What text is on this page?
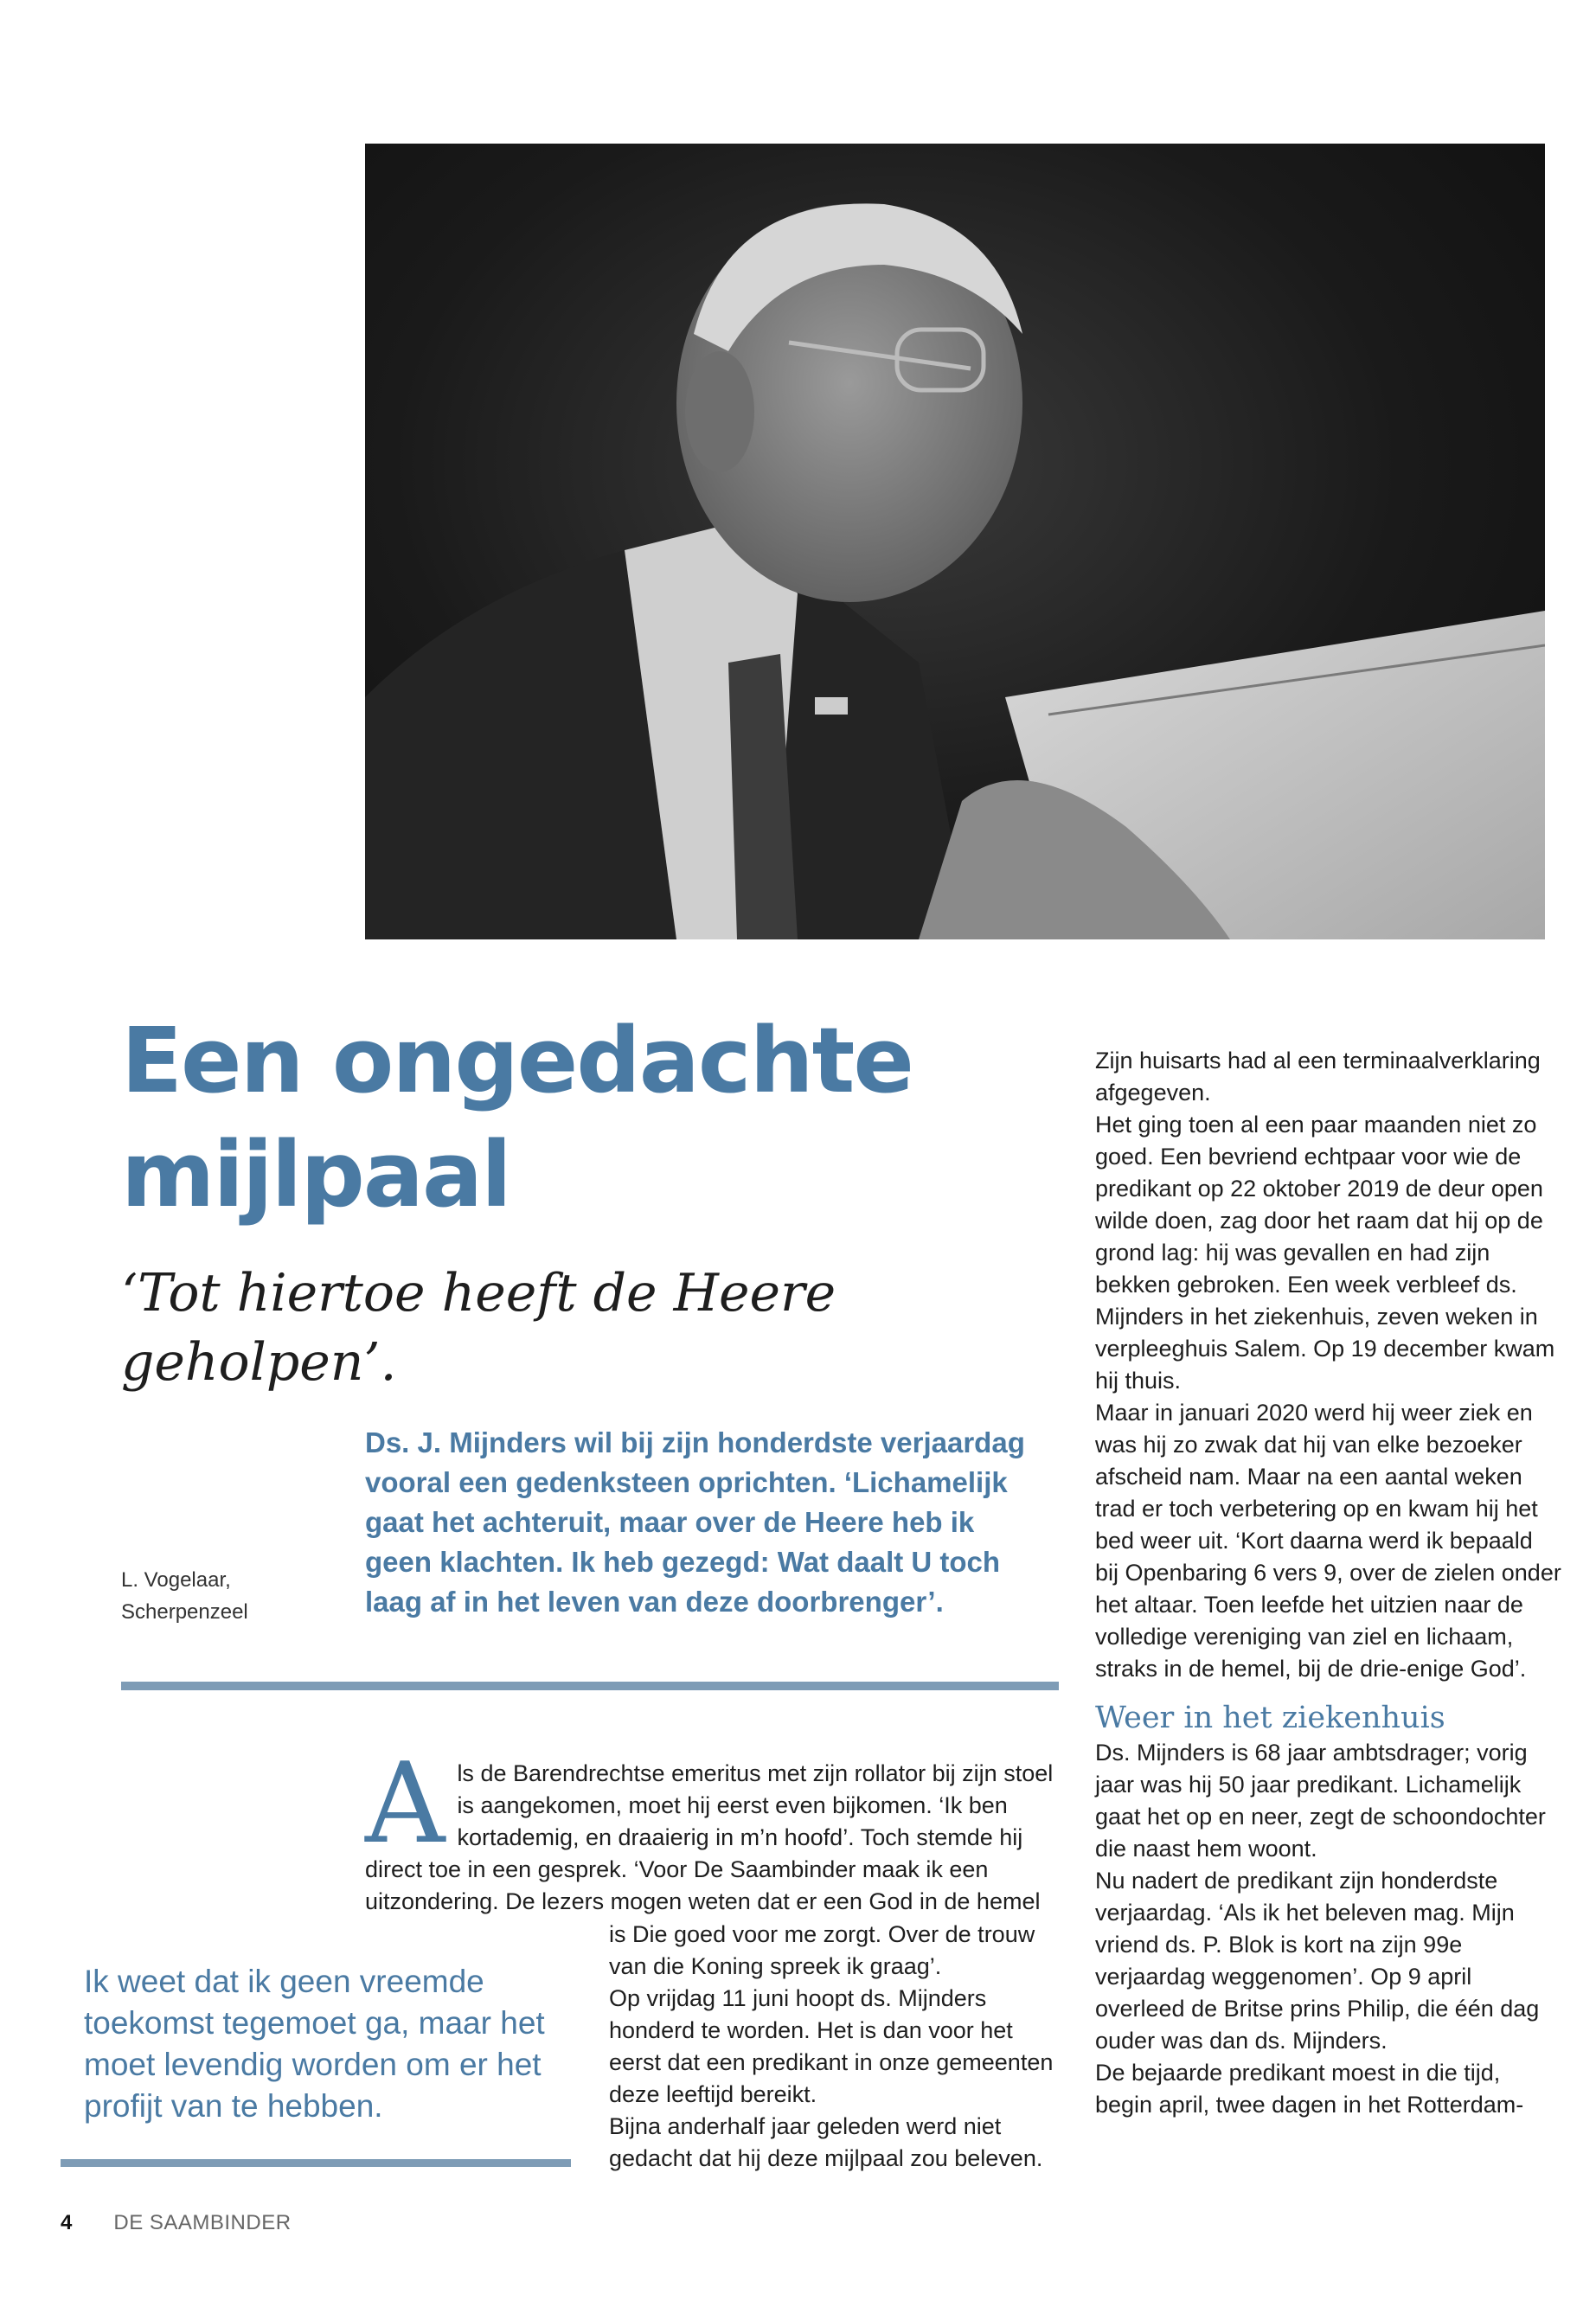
Een ongedachte mijlpaal

‘Tot hiertoe heeft de Heere geholpen’.

L. Vogelaar,
Scherpenzeel

Ds. J. Mijnders wil bij zijn honderdste verjaardag vooral een gedenksteen oprichten. ‘Lichamelijk gaat het achteruit, maar over de Heere heb ik geen klachten. Ik heb gezegd: Wat daalt U toch laag af in het leven van deze doorbrenger’.

A ls de Barendrechtse emeritus met zijn rollator bij zijn stoel is aangekomen, moet hij eerst even bijkomen. ‘Ik ben kortademig, en draaierig in m’n hoofd’. Toch stemde hij direct toe in een gesprek. ‘Voor De Saambinder maak ik een uitzondering. De lezers mogen weten dat er een God in de hemel

is Die goed voor me zorgt. Over de trouw van die Koning spreek ik graag’.

Op vrijdag 11 juni hoopt ds. Mijnders honderd te worden. Het is dan voor het eerst dat een predikant in onze gemeenten deze leeftijd bereikt.

Bijna anderhalf jaar geleden werd niet gedacht dat hij deze mijlpaal zou beleven.

Zijn huisarts had al een terminaalverklaring afgegeven.

Het ging toen al een paar maanden niet zo goed. Een bevriend echtpaar voor wie de predikant op 22 oktober 2019 de deur open wilde doen, zag door het raam dat hij op de grond lag: hij was gevallen en had zijn bekken gebroken. Een week verbleef ds. Mijnders in het ziekenhuis, zeven weken in verpleeghuis Salem. Op 19 december kwam hij thuis.

Maar in januari 2020 werd hij weer ziek en was hij zo zwak dat hij van elke bezoeker afscheid nam. Maar na een aantal weken trad er toch verbetering op en kwam hij het bed weer uit. ‘Kort daarna werd ik bepaald bij Openbaring 6 vers 9, over de zielen onder het altaar. Toen leefde het uitzien naar de volledige vereniging van ziel en lichaam, straks in de hemel, bij de drie-enige God’.

Weer in het ziekenhuis

Ds. Mijnders is 68 jaar ambtsdrager; vorig jaar was hij 50 jaar predikant. Lichamelijk gaat het op en neer, zegt de schoondochter die naast hem woont.

Nu nadert de predikant zijn honderdste verjaardag. ‘Als ik het beleven mag. Mijn vriend ds. P. Blok is kort na zijn 99e verjaardag weggenomen’. Op 9 april overleed de Britse prins Philip, die één dag ouder was dan ds. Mijnders.

De bejaarde predikant moest in die tijd, begin april, twee dagen in het Rotterdam-

Ik weet dat ik geen vreemde toekomst tegemoet ga, maar het moet levendig worden om er het profijt van te hebben.

4 DE SAAMBINDER
